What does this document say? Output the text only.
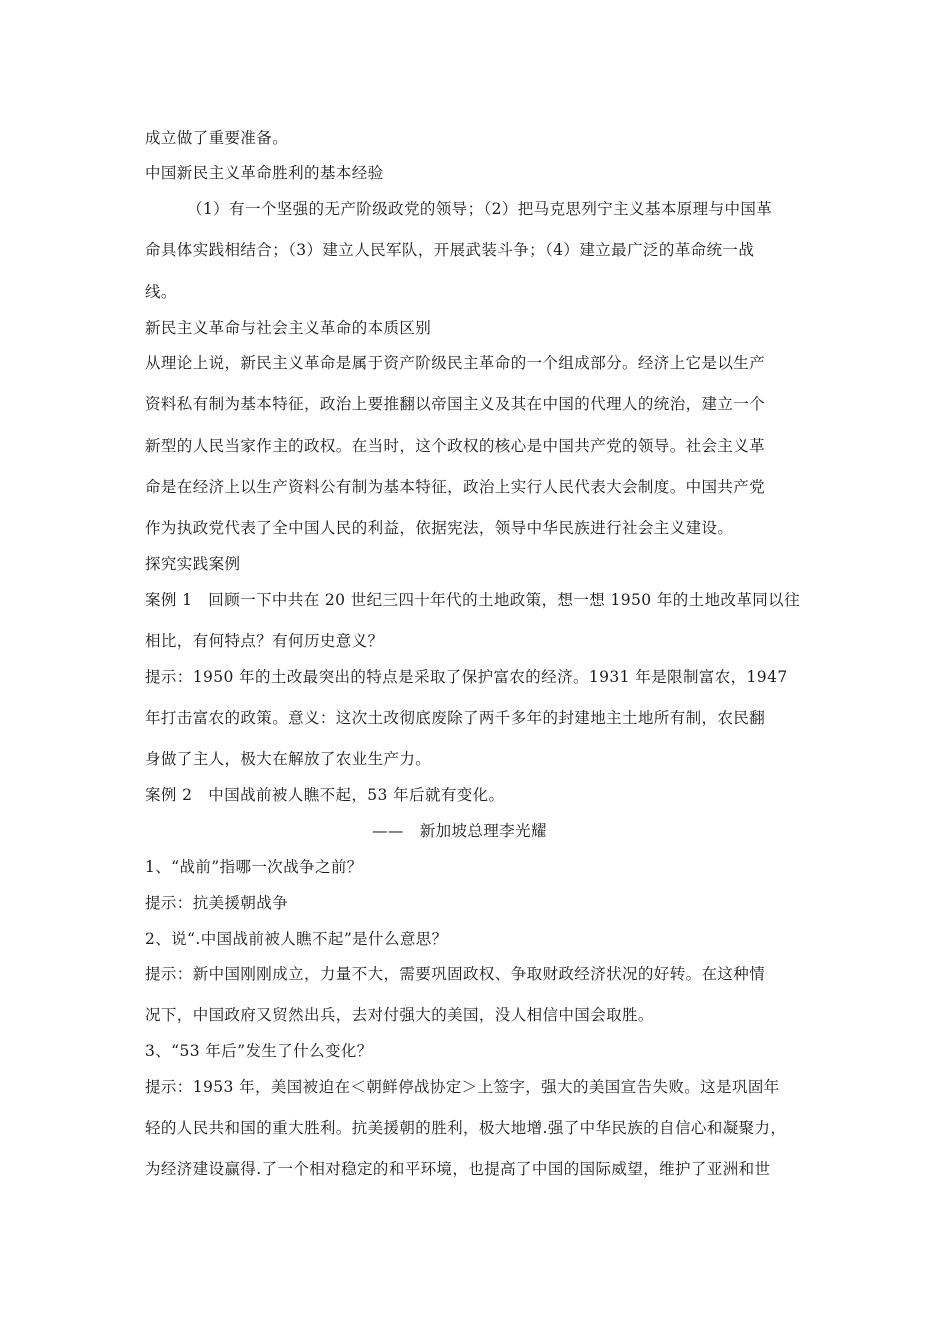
成立做了重要准备。
中国新民主义革命胜利的基本经验
（1）有一个坚强的无产阶级政党的领导；（2）把马克思列宁主义基本原理与中国革
命具体实践相结合；（3）建立人民军队，开展武装斗争；（4）建立最广泛的革命统一战
线。
新民主义革命与社会主义革命的本质区别
从理论上说，新民主义革命是属于资产阶级民主革命的一个组成部分。经济上它是以生产
资料私有制为基本特征，政治上要推翻以帝国主义及其在中国的代理人的统治，建立一个
新型的人民当家作主的政权。在当时，这个政权的核心是中国共产党的领导。社会主义革
命是在经济上以生产资料公有制为基本特征，政治上实行人民代表大会制度。中国共产党
作为执政党代表了全中国人民的利益，依据宪法，领导中华民族进行社会主义建设。
探究实践案例
案例 1　回顾一下中共在 20 世纪三四十年代的土地政策，想一想 1950 年的土地改革同以往
相比，有何特点？有何历史意义？
提示：1950 年的土改最突出的特点是采取了保护富农的经济。1931 年是限制富农，1947
年打击富农的政策。意义：这次土改彻底废除了两千多年的封建地主土地所有制，农民翻
身做了主人，极大在解放了农业生产力。
案例 2　中国战前被人瞧不起，53 年后就有变化。
——　新加坡总理李光耀
1、“战前”指哪一次战争之前？
提示：抗美援朝战争
2、说“.中国战前被人瞧不起”是什么意思？
提示：新中国刚刚成立，力量不大，需要巩固政权、争取财政经济状况的好转。在这种情
况下，中国政府又贸然出兵，去对付强大的美国，没人相信中国会取胜。
3、“53 年后”发生了什么变化？
提示：1953 年，美国被迫在＜朝鲜停战协定＞上签字，强大的美国宣告失败。这是巩固年
轻的人民共和国的重大胜利。抗美援朝的胜利，极大地增.强了中华民族的自信心和凝聚力，
为经济建设赢得.了一个相对稳定的和平环境，也提高了中国的国际威望，维护了亚洲和世
